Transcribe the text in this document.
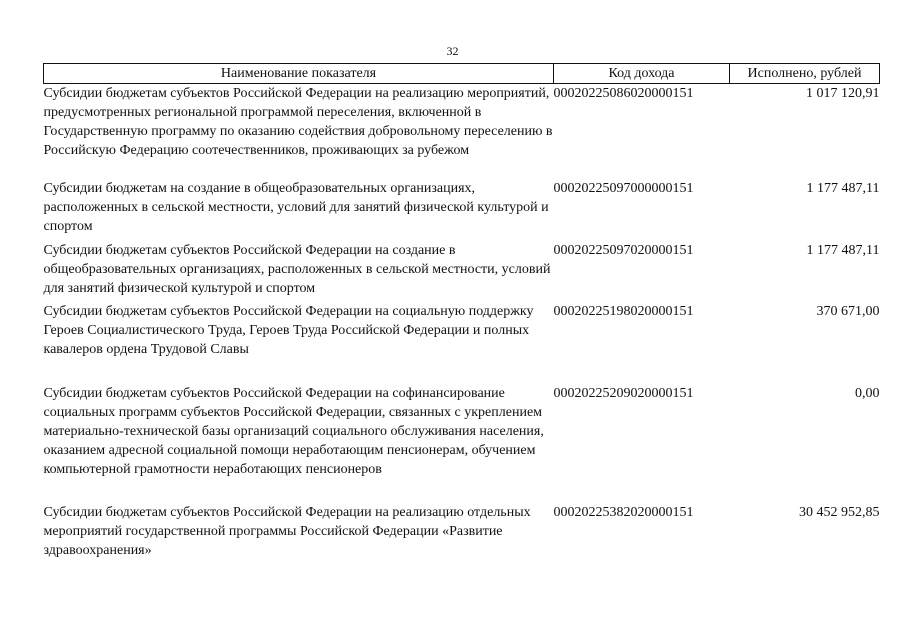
32
Наименование показателя	Код дохода	Исполнено, рублей
Субсидии бюджетам субъектов Российской Федерации на реализацию мероприятий, предусмотренных региональной программой переселения, включенной в Государственную программу по оказанию содействия добровольному переселению в Российскую Федерацию соотечественников, проживающих за рубежом	00020225086020000151	1 017 120,91
Субсидии бюджетам на создание в общеобразовательных организациях, расположенных в сельской местности, условий для занятий физической культурой и спортом	00020225097000000151	1 177 487,11
Субсидии бюджетам субъектов Российской Федерации на создание в общеобразовательных организациях, расположенных в сельской местности, условий для занятий физической культурой и спортом	00020225097020000151	1 177 487,11
Субсидии бюджетам субъектов Российской Федерации на социальную поддержку Героев Социалистического Труда, Героев Труда Российской Федерации и полных кавалеров ордена Трудовой Славы	00020225198020000151	370 671,00
Субсидии бюджетам субъектов Российской Федерации на софинансирование социальных программ субъектов Российской Федерации, связанных с укреплением материально-технической базы организаций социального обслуживания населения, оказанием адресной социальной помощи неработающим пенсионерам, обучением компьютерной грамотности неработающих пенсионеров	00020225209020000151	0,00
Субсидии бюджетам субъектов Российской Федерации на реализацию отдельных мероприятий государственной программы Российской Федерации «Развитие здравоохранения»	00020225382020000151	30 452 952,85
